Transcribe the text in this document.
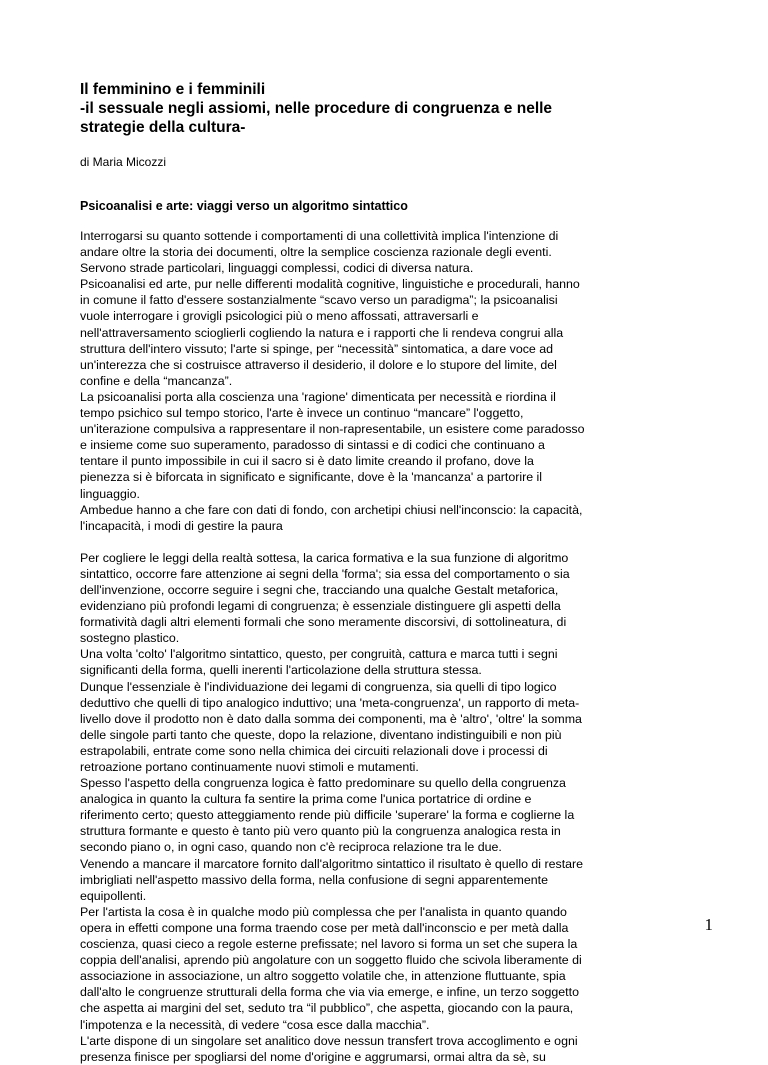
Il femminino e i femminili
-il sessuale negli assiomi, nelle procedure di congruenza e nelle
strategie della cultura-
di Maria Micozzi
Psicoanalisi e arte: viaggi verso un algoritmo sintattico
Interrogarsi su quanto sottende i comportamenti di una collettività implica l'intenzione di
andare oltre la storia dei documenti, oltre la semplice coscienza razionale degli eventi.
Servono strade particolari, linguaggi complessi, codici di diversa natura.
Psicoanalisi ed arte, pur nelle differenti modalità cognitive, linguistiche e procedurali, hanno
in comune il fatto d'essere sostanzialmente “scavo verso un paradigma”; la psicoanalisi
vuole interrogare i grovigli psicologici più o meno affossati, attraversarli e
nell'attraversamento scioglierli cogliendo la natura e i rapporti che li rendeva congrui alla
struttura dell'intero vissuto; l'arte si spinge, per “necessità” sintomatica, a dare voce ad
un'interezza che si costruisce attraverso il desiderio, il dolore e lo stupore del limite, del
confine e della “mancanza”.
La psicoanalisi porta alla coscienza una 'ragione' dimenticata per necessità e riordina il
tempo psichico sul tempo storico, l'arte è invece un continuo “mancare” l'oggetto,
un'iterazione compulsiva a rappresentare il non-rapresentabile, un esistere come paradosso
e insieme come suo superamento, paradosso di sintassi e di codici che continuano a
tentare il punto impossibile in cui il sacro si è dato limite creando il profano, dove la
pienezza si è biforcata in significato e significante, dove è la 'mancanza' a partorire il
linguaggio.
Ambedue hanno a che fare con dati di fondo, con archetipi chiusi nell'inconscio: la capacità,
l'incapacità, i modi di gestire la paura
Per cogliere le leggi della realtà sottesa, la carica formativa e la sua funzione di algoritmo
sintattico, occorre fare attenzione ai segni della 'forma'; sia essa del comportamento o sia
dell'invenzione, occorre seguire i segni che, tracciando una qualche Gestalt metaforica,
evidenziano più profondi legami di congruenza; è essenziale distinguere gli aspetti della
formatività dagli altri elementi formali che sono meramente discorsivi, di sottolineatura, di
sostegno plastico.
Una volta 'colto' l'algoritmo sintattico, questo, per congruità, cattura e marca tutti i segni
significanti della forma, quelli inerenti l'articolazione della struttura stessa.
Dunque l'essenziale è l'individuazione dei legami di congruenza, sia quelli di tipo logico
deduttivo che quelli di tipo analogico induttivo; una 'meta-congruenza', un rapporto di meta-
livello dove il prodotto non è dato dalla somma dei componenti, ma è 'altro', 'oltre' la somma
delle singole parti tanto che queste, dopo la relazione, diventano indistinguibili e non più
estrapolabili, entrate come sono nella chimica dei circuiti relazionali dove i processi di
retroazione portano continuamente nuovi stimoli e mutamenti.
Spesso l'aspetto della congruenza logica è fatto predominare su quello della congruenza
analogica in quanto la cultura fa sentire la prima come l'unica portatrice di ordine e
riferimento certo; questo atteggiamento rende più difficile 'superare' la forma e coglierne la
struttura formante e questo è tanto più vero quanto più la congruenza analogica resta in
secondo piano o, in ogni caso, quando non c'è reciproca relazione tra le due.
Venendo a mancare il marcatore fornito dall'algoritmo sintattico il risultato è quello di restare
imbrigliati nell'aspetto massivo della forma, nella confusione di segni apparentemente
equipollenti.
Per l'artista la cosa è in qualche modo più complessa che per l'analista in quanto quando
opera in effetti compone una forma traendo cose per metà dall'inconscio e per metà dalla
coscienza, quasi cieco a regole esterne prefissate; nel lavoro si forma un set che supera la
coppia dell'analisi, aprendo più angolature con un soggetto fluido che scivola liberamente di
associazione in associazione, un altro soggetto volatile che, in attenzione fluttuante, spia
dall'alto le congruenze strutturali della forma che via via emerge, e infine, un terzo soggetto
che aspetta ai margini del set, seduto tra “il pubblico”, che aspetta, giocando con la paura,
l'impotenza e la necessità, di vedere “cosa esce dalla macchia”.
L'arte dispone di un singolare set analitico dove nessun transfert trova accoglimento e ogni
presenza finisce per spogliarsi del nome d'origine e aggrumarsi, ormai altra da sè, su
1
